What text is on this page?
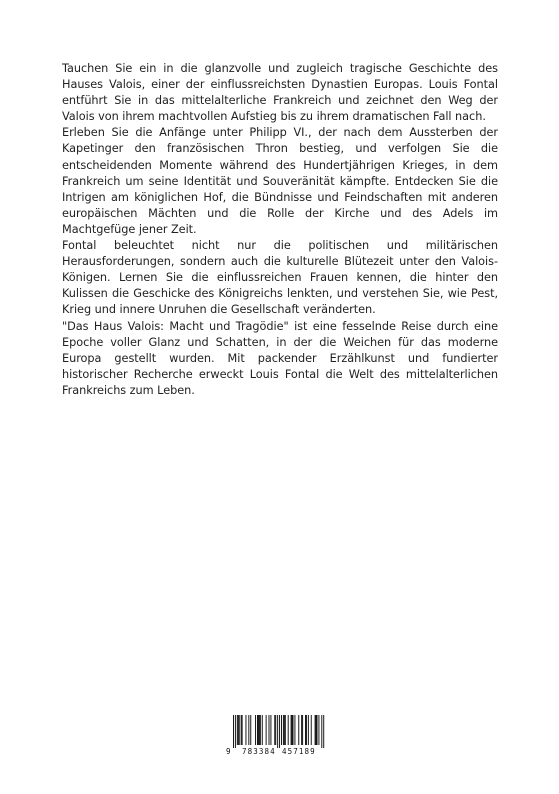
Tauchen Sie ein in die glanzvolle und zugleich tragische Geschichte des Hauses Valois, einer der einflussreichsten Dynastien Europas. Louis Fontal entführt Sie in das mittelalterliche Frankreich und zeichnet den Weg der Valois von ihrem machtvollen Aufstieg bis zu ihrem dramatischen Fall nach.

Erleben Sie die Anfänge unter Philipp VI., der nach dem Aussterben der Kapetinger den französischen Thron bestieg, und verfolgen Sie die entscheidenden Momente während des Hundertjährigen Krieges, in dem Frankreich um seine Identität und Souveränität kämpfte. Entdecken Sie die Intrigen am königlichen Hof, die Bündnisse und Feindschaften mit anderen europäischen Mächten und die Rolle der Kirche und des Adels im Machtgefüge jener Zeit.

Fontal beleuchtet nicht nur die politischen und militärischen Herausforderungen, sondern auch die kulturelle Blütezeit unter den Valois-Königen. Lernen Sie die einflussreichen Frauen kennen, die hinter den Kulissen die Geschicke des Königreichs lenkten, und verstehen Sie, wie Pest, Krieg und innere Unruhen die Gesellschaft veränderten.

"Das Haus Valois: Macht und Tragödie" ist eine fesselnde Reise durch eine Epoche voller Glanz und Schatten, in der die Weichen für das moderne Europa gestellt wurden. Mit packender Erzählkunst und fundierter historischer Recherche erweckt Louis Fontal die Welt des mittelalterlichen Frankreichs zum Leben.

9 783384 457189
